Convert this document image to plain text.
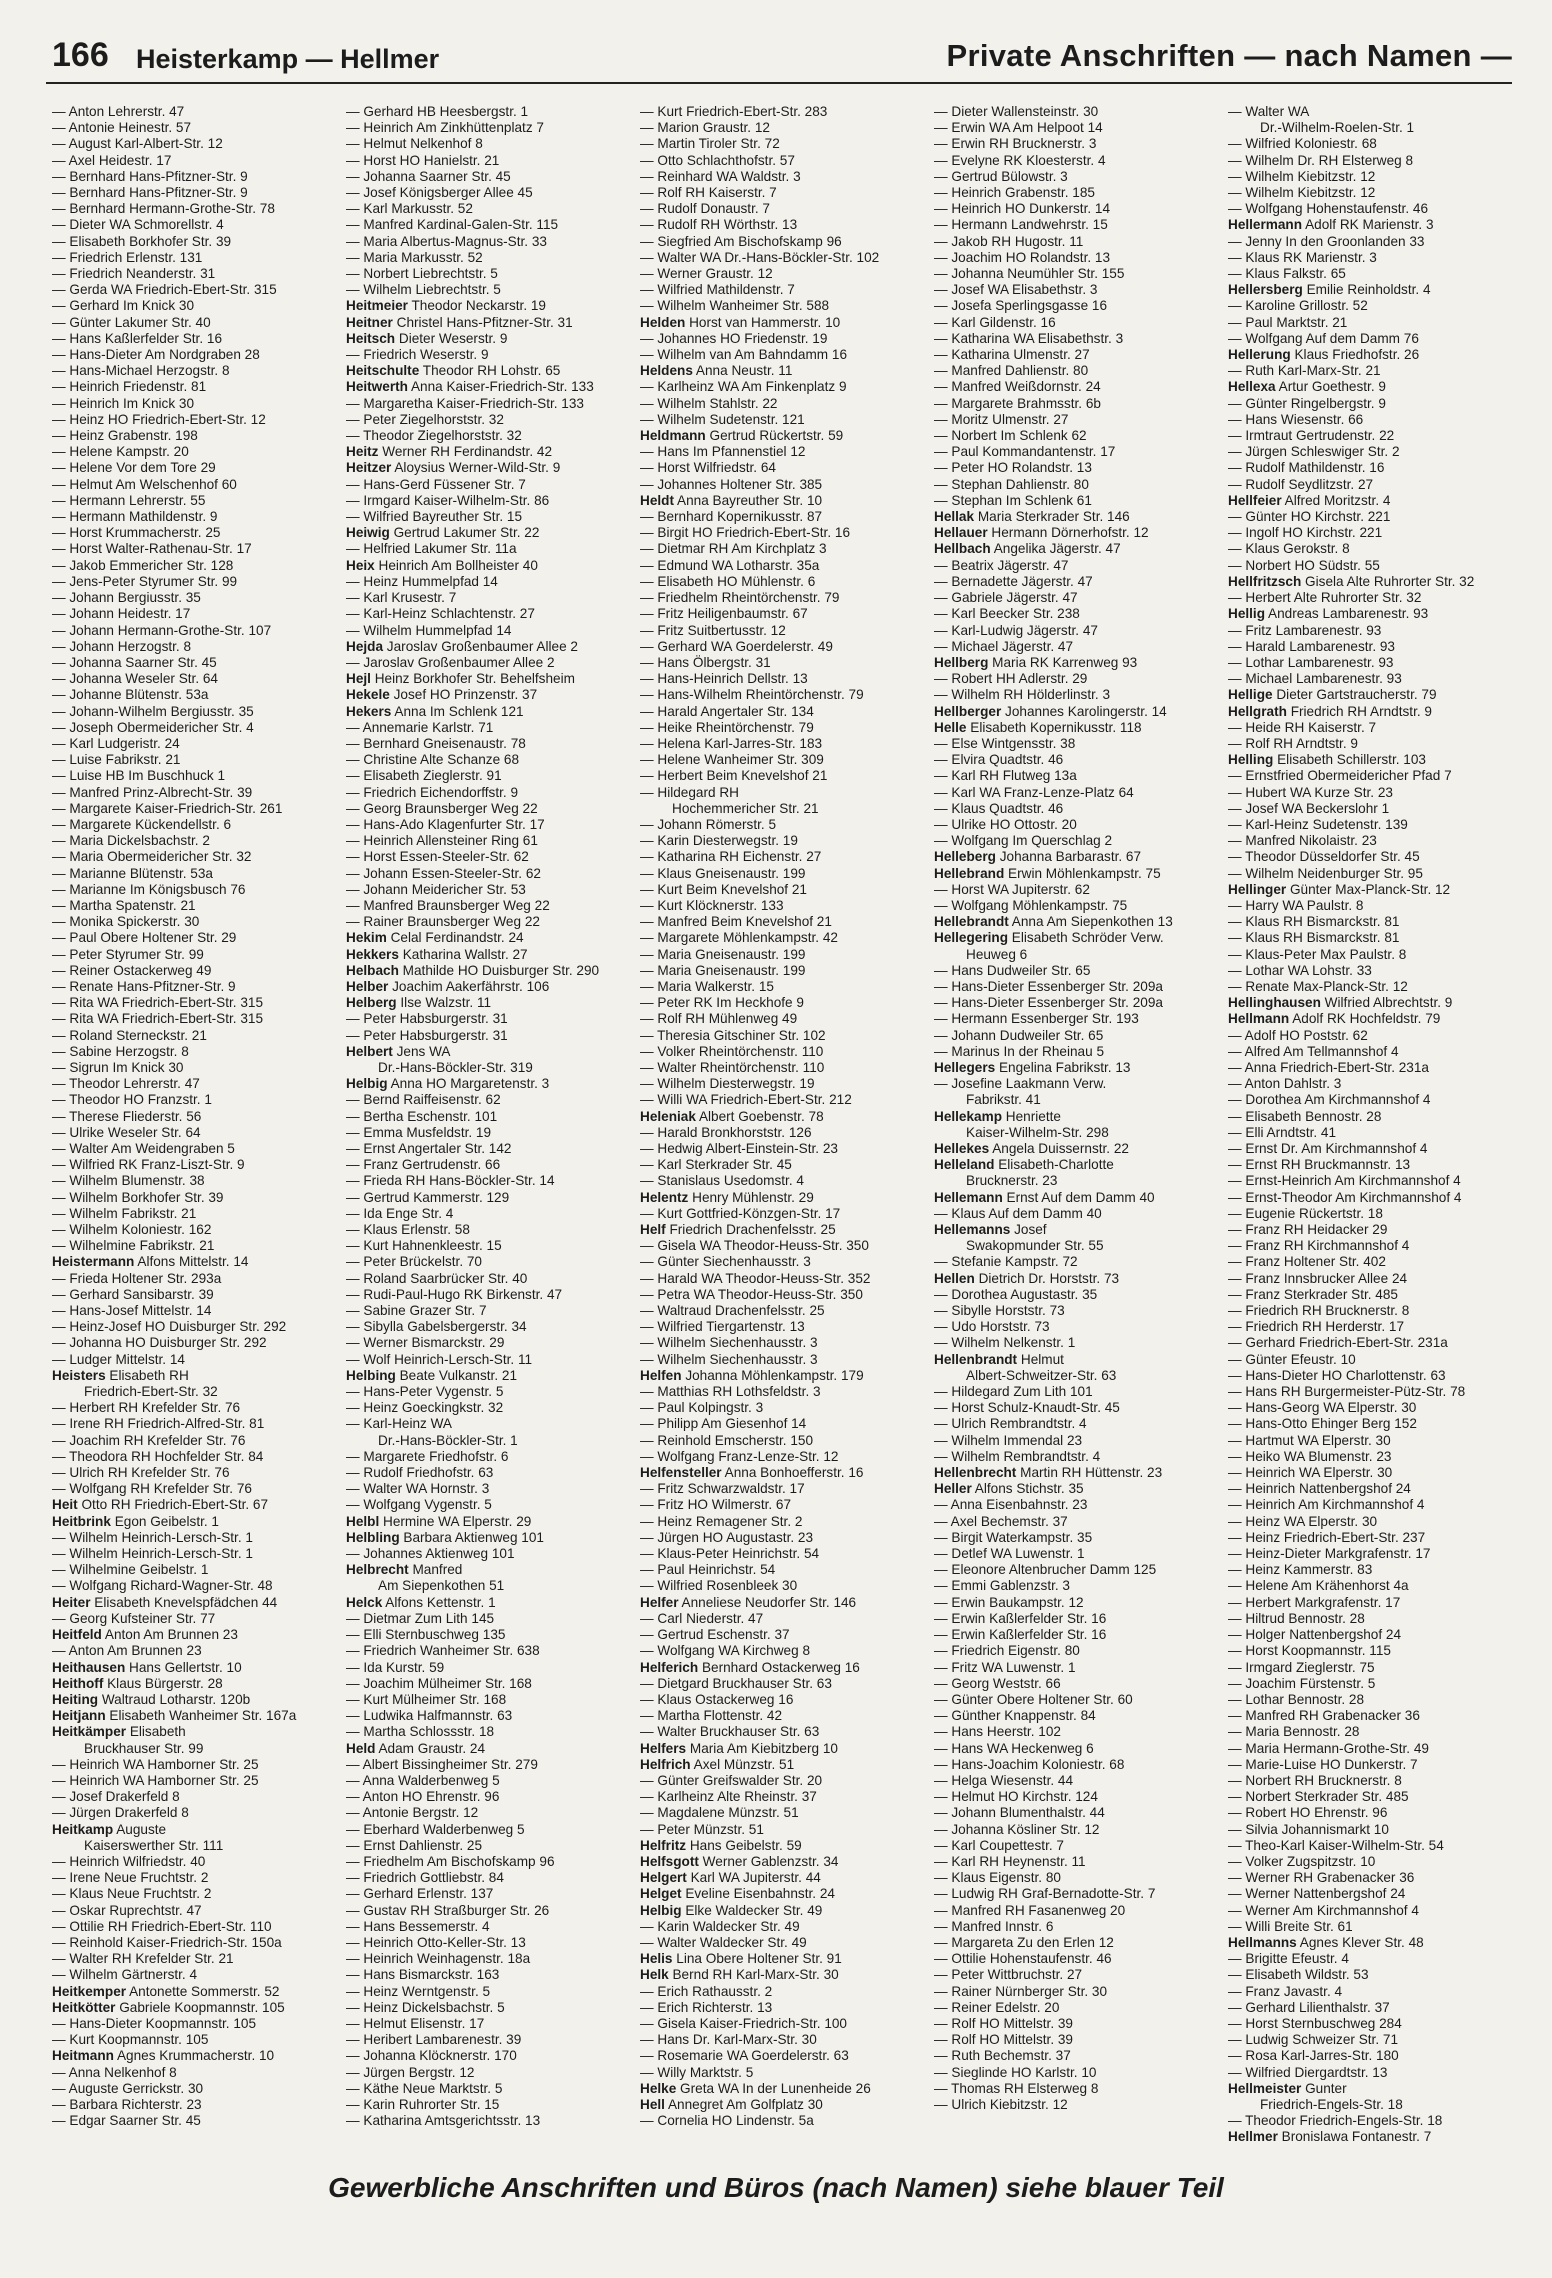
166 Heisterkamp — Hellmer	Private Anschriften — nach Namen —
— Anton Lehrerstr. 47
— Antonie Heinestr. 57
— August Karl-Albert-Str. 12
— Axel Heidestr. 17
— Bernhard Hans-Pfitzner-Str. 9
— Bernhard Hans-Pfitzner-Str. 9
— Bernhard Hermann-Grothe-Str. 78
— Dieter WA Schmorellstr. 4
— Elisabeth Borkhofer Str. 39
— Friedrich Erlenstr. 131
— Friedrich Neanderstr. 31
— Gerda WA Friedrich-Ebert-Str. 315
— Gerhard Im Knick 30
— Günter Lakumer Str. 40
— Hans Kaßlerfelder Str. 16
— Hans-Dieter Am Nordgraben 28
— Hans-Michael Herzogstr. 8
— Heinrich Friedenstr. 81
— Heinrich Im Knick 30
— Heinz HO Friedrich-Ebert-Str. 12
— Heinz Grabenstr. 198
— Helene Kampstr. 20
— Helene Vor dem Tore 29
— Helmut Am Welschenhof 60
— Hermann Lehrerstr. 55
— Hermann Mathildenstr. 9
— Horst Krummacherstr. 25
— Horst Walter-Rathenau-Str. 17
— Jakob Emmericher Str. 128
— Jens-Peter Styrumer Str. 99
— Johann Bergiusstr. 35
— Johann Heidestr. 17
— Johann Hermann-Grothe-Str. 107
— Johann Herzogstr. 8
— Johanna Saarner Str. 45
— Johanna Weseler Str. 64
— Johanne Blütenstr. 53a
— Johann-Wilhelm Bergiusstr. 35
— Joseph Obermeidericher Str. 4
— Karl Ludgeristr. 24
— Luise Fabrikstr. 21
— Luise HB Im Buschhuck 1
— Manfred Prinz-Albrecht-Str. 39
— Margarete Kaiser-Friedrich-Str. 261
— Margarete Kückendellstr. 6
— Maria Dickelsbachstr. 2
— Maria Obermeidericher Str. 32
— Marianne Blütenstr. 53a
— Marianne Im Königsbusch 76
— Martha Spatenstr. 21
— Monika Spickerstr. 30
— Paul Obere Holtener Str. 29
— Peter Styrumer Str. 99
— Reiner Ostackerweg 49
— Renate Hans-Pfitzner-Str. 9
— Rita WA Friedrich-Ebert-Str. 315
— Rita WA Friedrich-Ebert-Str. 315
— Roland Sterneckstr. 21
— Sabine Herzogstr. 8
— Sigrun Im Knick 30
— Theodor Lehrerstr. 47
— Theodor HO Franzstr. 1
— Therese Fliederstr. 56
— Ulrike Weseler Str. 64
— Walter Am Weidengraben 5
— Wilfried RK Franz-Liszt-Str. 9
— Wilhelm Blumenstr. 38
— Wilhelm Borkhofer Str. 39
— Wilhelm Fabrikstr. 21
— Wilhelm Koloniestr. 162
— Wilhelmine Fabrikstr. 21
Heistermann Alfons Mittelstr. 14
— Frieda Holtener Str. 293a
— Gerhard Sansibarstr. 39
— Hans-Josef Mittelstr. 14
— Heinz-Josef HO Duisburger Str. 292
— Johanna HO Duisburger Str. 292
— Ludger Mittelstr. 14
Heisters Elisabeth RH
Friedrich-Ebert-Str. 32
— Herbert RH Krefelder Str. 76
— Irene RH Friedrich-Alfred-Str. 81
— Joachim RH Krefelder Str. 76
— Theodora RH Hochfelder Str. 84
— Ulrich RH Krefelder Str. 76
— Wolfgang RH Krefelder Str. 76
Heit Otto RH Friedrich-Ebert-Str. 67
Heitbrink Egon Geibelstr. 1
— Wilhelm Heinrich-Lersch-Str. 1
— Wilhelm Heinrich-Lersch-Str. 1
— Wilhelmine Geibelstr. 1
— Wolfgang Richard-Wagner-Str. 48
Heiter Elisabeth Knevelspfädchen 44
— Georg Kufsteiner Str. 77
Heitfeld Anton Am Brunnen 23
— Anton Am Brunnen 23
Heithausen Hans Gellertstr. 10
Heithoff Klaus Bürgerstr. 28
Heiting Waltraud Lotharstr. 120b
Heitjann Elisabeth Wanheimer Str. 167a
Heitkämper Elisabeth
Bruckhauser Str. 99
— Heinrich WA Hamborner Str. 25
— Heinrich WA Hamborner Str. 25
— Josef Drakerfeld 8
— Jürgen Drakerfeld 8
Heitkamp Auguste
Kaiserswerther Str. 111
— Heinrich Wilfriedstr. 40
— Irene Neue Fruchtstr. 2
— Klaus Neue Fruchtstr. 2
— Oskar Ruprechtstr. 47
— Ottilie RH Friedrich-Ebert-Str. 110
— Reinhold Kaiser-Friedrich-Str. 150a
— Walter RH Krefelder Str. 21
— Wilhelm Gärtnerstr. 4
Heitkemper Antonette Sommerstr. 52
Heitkötter Gabriele Koopmannstr. 105
— Hans-Dieter Koopmannstr. 105
— Kurt Koopmannstr. 105
Heitmann Agnes Krummacherstr. 10
— Anna Nelkenhof 8
— Auguste Gerrickstr. 30
— Barbara Richterstr. 23
— Edgar Saarner Str. 45
— Gerhard HB Heesbergstr. 1
— Heinrich Am Zinkhüttenplatz 7
— Helmut Nelkenhof 8
— Horst HO Hanielstr. 21
— Johanna Saarner Str. 45
— Josef Königsberger Allee 45
— Karl Markusstr. 52
— Manfred Kardinal-Galen-Str. 115
— Maria Albertus-Magnus-Str. 33
— Maria Markusstr. 52
— Norbert Liebrechtstr. 5
— Wilhelm Liebrechtstr. 5
Heitmeier Theodor Neckarstr. 19
Heitner Christel Hans-Pfitzner-Str. 31
Heitsch Dieter Weserstr. 9
— Friedrich Weserstr. 9
Heitschulte Theodor RH Lohstr. 65
Heitwerth Anna Kaiser-Friedrich-Str. 133
— Margaretha Kaiser-Friedrich-Str. 133
— Peter Ziegelhorststr. 32
— Theodor Ziegelhorststr. 32
Heitz Werner RH Ferdinandstr. 42
Heitzer Aloysius Werner-Wild-Str. 9
— Hans-Gerd Füssener Str. 7
— Irmgard Kaiser-Wilhelm-Str. 86
— Wilfried Bayreuther Str. 15
Heiwig Gertrud Lakumer Str. 22
— Helfried Lakumer Str. 11a
Heix Heinrich Am Bollheister 40
— Heinz Hummelpfad 14
— Karl Krusestr. 7
— Karl-Heinz Schlachtenstr. 27
— Wilhelm Hummelpfad 14
Hejda Jaroslav Großenbaumer Allee 2
— Jaroslav Großenbaumer Allee 2
Hejl Heinz Borkhofer Str. Behelfsheim
Hekele Josef HO Prinzenstr. 37
Hekers Anna Im Schlenk 121
— Annemarie Karlstr. 71
— Bernhard Gneisenaustr. 78
— Christine Alte Schanze 68
— Elisabeth Zieglerstr. 91
— Friedrich Eichendorffstr. 9
— Georg Braunsberger Weg 22
— Hans-Ado Klagenfurter Str. 17
— Heinrich Allensteiner Ring 61
— Horst Essen-Steeler-Str. 62
— Johann Essen-Steeler-Str. 62
— Johann Meidericher Str. 53
— Manfred Braunsberger Weg 22
— Rainer Braunsberger Weg 22
Hekim Celal Ferdinandstr. 24
Hekkers Katharina Wallstr. 27
Helbach Mathilde HO Duisburger Str. 290
Helber Joachim Aakerfährstr. 106
Helberg Ilse Walzstr. 11
— Peter Habsburgerstr. 31
— Peter Habsburgerstr. 31
Helbert Jens WA
Dr.-Hans-Böckler-Str. 319
Helbig Anna HO Margaretenstr. 3
— Bernd Raiffeisenstr. 62
— Bertha Eschenstr. 101
— Emma Musfeldstr. 19
— Ernst Angertaler Str. 142
— Franz Gertrudenstr. 66
— Frieda RH Hans-Böckler-Str. 14
— Gertrud Kammerstr. 129
— Ida Enge Str. 4
— Klaus Erlenstr. 58
— Kurt Hahnenkleestr. 15
— Peter Brückelstr. 70
— Roland Saarbrücker Str. 40
— Rudi-Paul-Hugo RK Birkenstr. 47
— Sabine Grazer Str. 7
— Sibylla Gabelsbergerstr. 34
— Werner Bismarckstr. 29
— Wolf Heinrich-Lersch-Str. 11
Helbing Beate Vulkanstr. 21
— Hans-Peter Vygenstr. 5
— Heinz Goeckingkstr. 32
— Karl-Heinz WA
Dr.-Hans-Böckler-Str. 1
— Margarete Friedhofstr. 6
— Rudolf Friedhofstr. 63
— Walter WA Hornstr. 3
— Wolfgang Vygenstr. 5
Helbl Hermine WA Elperstr. 29
Helbling Barbara Aktienweg 101
— Johannes Aktienweg 101
Helbrecht Manfred
Am Siepenkothen 51
Helck Alfons Kettenstr. 1
— Dietmar Zum Lith 145
— Elli Sternbuschweg 135
— Friedrich Wanheimer Str. 638
— Ida Kurstr. 59
— Joachim Mülheimer Str. 168
— Kurt Mülheimer Str. 168
— Ludwika Halfmannstr. 63
— Martha Schlossstr. 18
Held Adam Graustr. 24
— Albert Bissingheimer Str. 279
— Anna Walderbenweg 5
— Anton HO Ehrenstr. 96
— Antonie Bergstr. 12
— Eberhard Walderbenweg 5
— Ernst Dahlienstr. 25
— Friedhelm Am Bischofskamp 96
— Friedrich Gottliebstr. 84
— Gerhard Erlenstr. 137
— Gustav RH Straßburger Str. 26
— Hans Bessemerstr. 4
— Heinrich Otto-Keller-Str. 13
— Heinrich Weinhagenstr. 18a
— Hans Bismarckstr. 163
— Heinz Werntgenstr. 5
— Heinz Dickelsbachstr. 5
— Helmut Elisenstr. 17
— Heribert Lambarenestr. 39
— Johanna Klöcknerstr. 170
— Jürgen Bergstr. 12
— Käthe Neue Marktstr. 5
— Karin Ruhrorter Str. 15
— Katharina Amtsgerichtsstr. 13
— Kurt Friedrich-Ebert-Str. 283
— Marion Graustr. 12
— Martin Tiroler Str. 72
— Otto Schlachthofstr. 57
— Reinhard WA Waldstr. 3
— Rolf RH Kaiserstr. 7
— Rudolf Donaustr. 7
— Rudolf RH Wörthstr. 13
— Siegfried Am Bischofskamp 96
— Walter WA Dr.-Hans-Böckler-Str. 102
— Werner Graustr. 12
— Wilfried Mathildenstr. 7
— Wilhelm Wanheimer Str. 588
Helden Horst van Hammerstr. 10
— Johannes HO Friedenstr. 19
— Wilhelm van Am Bahndamm 16
Heldens Anna Neustr. 11
— Karlheinz WA Am Finkenplatz 9
— Wilhelm Stahlstr. 22
— Wilhelm Sudetenstr. 121
Heldmann Gertrud Rückertstr. 59
— Hans Im Pfannenstiel 12
— Horst Wilfriedstr. 64
— Johannes Holtener Str. 385
Heldt Anna Bayreuther Str. 10
— Bernhard Kopernikusstr. 87
— Birgit HO Friedrich-Ebert-Str. 16
— Dietmar RH Am Kirchplatz 3
— Edmund WA Lotharstr. 35a
— Elisabeth HO Mühlenstr. 6
— Friedhelm Rheintörchenstr. 79
— Fritz Heiligenbaumstr. 67
— Fritz Suitbertusstr. 12
— Gerhard WA Goerdelerstr. 49
— Hans Ölbergstr. 31
— Hans-Heinrich Dellstr. 13
— Hans-Wilhelm Rheintörchenstr. 79
— Harald Angertaler Str. 134
— Heike Rheintörchenstr. 79
— Helena Karl-Jarres-Str. 183
— Helene Wanheimer Str. 309
— Herbert Beim Knevelshof 21
— Hildegard RH
Hochemmericher Str. 21
— Johann Römerstr. 5
— Karin Diesterwegstr. 19
— Katharina RH Eichenstr. 27
— Klaus Gneisenaustr. 199
— Kurt Beim Knevelshof 21
— Kurt Klöcknerstr. 133
— Manfred Beim Knevelshof 21
— Margarete Möhlenkampstr. 42
— Maria Gneisenaustr. 199
— Maria Gneisenaustr. 199
— Maria Walkerstr. 15
— Peter RK Im Heckhofe 9
— Rolf RH Mühlenweg 49
— Theresia Gitschiner Str. 102
— Volker Rheintörchenstr. 110
— Walter Rheintörchenstr. 110
— Wilhelm Diesterwegstr. 19
— Willi WA Friedrich-Ebert-Str. 212
Heleniak Albert Goebenstr. 78
— Harald Bronkhorststr. 126
— Hedwig Albert-Einstein-Str. 23
— Karl Sterkrader Str. 45
— Stanislaus Usedomstr. 4
Helentz Henry Mühlenstr. 29
— Kurt Gottfried-Könzgen-Str. 17
Helf Friedrich Drachenfelsstr. 25
— Gisela WA Theodor-Heuss-Str. 350
— Günter Siechenhausstr. 3
— Harald WA Theodor-Heuss-Str. 352
— Petra WA Theodor-Heuss-Str. 350
— Waltraud Drachenfelsstr. 25
— Wilfried Tiergartenstr. 13
— Wilhelm Siechenhausstr. 3
— Wilhelm Siechenhausstr. 3
Helfen Johanna Möhlenkampstr. 179
— Matthias RH Lothsfeldstr. 3
— Paul Kolpingstr. 3
— Philipp Am Giesenhof 14
— Reinhold Emscherstr. 150
— Wolfgang Franz-Lenze-Str. 12
Helfensteller Anna Bonhoefferstr. 16
— Fritz Schwarzwaldstr. 17
— Fritz HO Wilmerstr. 67
— Heinz Remagener Str. 2
— Jürgen HO Augustastr. 23
— Klaus-Peter Heinrichstr. 54
— Paul Heinrichstr. 54
— Wilfried Rosenbleek 30
Helfer Anneliese Neudorfer Str. 146
— Carl Niederstr. 47
— Gertrud Eschenstr. 37
— Wolfgang WA Kirchweg 8
Helferich Bernhard Ostackerweg 16
— Dietgard Bruckhauser Str. 63
— Klaus Ostackerweg 16
— Martha Flottenstr. 42
— Walter Bruckhauser Str. 63
Helfers Maria Am Kiebitzberg 10
Helfrich Axel Münzstr. 51
— Günter Greifswalder Str. 20
— Karlheinz Alte Rheinstr. 37
— Magdalene Münzstr. 51
— Peter Münzstr. 51
Helfritz Hans Geibelstr. 59
Helfsgott Werner Gablenzstr. 34
Helgert Karl WA Jupiterstr. 44
Helget Eveline Eisenbahnstr. 24
Helbig Elke Waldecker Str. 49
— Karin Waldecker Str. 49
— Walter Waldecker Str. 49
Helis Lina Obere Holtener Str. 91
Helk Bernd RH Karl-Marx-Str. 30
— Erich Rathausstr. 2
— Erich Richterstr. 13
— Gisela Kaiser-Friedrich-Str. 100
— Hans Dr. Karl-Marx-Str. 30
— Rosemarie WA Goerdelerstr. 63
— Willy Marktstr. 5
Helke Greta WA In der Lunenheide 26
Hell Annegret Am Golfplatz 30
— Cornelia HO Lindenstr. 5a
— Dieter Wallensteinstr. 30
— Erwin WA Am Helpoot 14
— Erwin RH Brucknerstr. 3
— Evelyne RK Kloesterstr. 4
— Gertrud Bülowstr. 3
— Heinrich Grabenstr. 185
— Heinrich HO Dunkerstr. 14
— Hermann Landwehrstr. 15
— Jakob RH Hugostr. 11
— Joachim HO Rolandstr. 13
— Johanna Neumühler Str. 155
— Josef WA Elisabethstr. 3
— Josefa Sperlingsgasse 16
— Karl Gildenstr. 16
— Katharina WA Elisabethstr. 3
— Katharina Ulmenstr. 27
— Manfred Dahlienstr. 80
— Manfred Weißdornstr. 24
— Margarete Brahmsstr. 6b
— Moritz Ulmenstr. 27
— Norbert Im Schlenk 62
— Paul Kommandantenstr. 17
— Peter HO Rolandstr. 13
— Stephan Dahlienstr. 80
— Stephan Im Schlenk 61
Hellak Maria Sterkrader Str. 146
Hellauer Hermann Dörnerhofstr. 12
Hellbach Angelika Jägerstr. 47
— Beatrix Jägerstr. 47
— Bernadette Jägerstr. 47
— Gabriele Jägerstr. 47
— Karl Beecker Str. 238
— Karl-Ludwig Jägerstr. 47
— Michael Jägerstr. 47
Hellberg Maria RK Karrenweg 93
— Robert HH Adlerstr. 29
— Wilhelm RH Hölderlinstr. 3
Hellberger Johannes Karolingerstr. 14
Helle Elisabeth Kopernikusstr. 118
— Else Wintgensstr. 38
— Elvira Quadtstr. 46
— Karl RH Flutweg 13a
— Karl WA Franz-Lenze-Platz 64
— Klaus Quadtstr. 46
— Ulrike HO Ottostr. 20
— Wolfgang Im Querschlag 2
Helleberg Johanna Barbarastr. 67
Hellebrand Erwin Möhlenkampstr. 75
— Horst WA Jupiterstr. 62
— Wolfgang Möhlenkampstr. 75
Hellebrandt Anna Am Siepenkothen 13
Hellegering Elisabeth Schröder Verw.
Heuweg 6
— Hans Dudweiler Str. 65
— Hans-Dieter Essenberger Str. 209a
— Hans-Dieter Essenberger Str. 209a
— Hermann Essenberger Str. 193
— Johann Dudweiler Str. 65
— Marinus In der Rheinau 5
Hellegers Engelina Fabrikstr. 13
— Josefine Laakmann Verw.
Fabrikstr. 41
Hellekamp Henriette
Kaiser-Wilhelm-Str. 298
Hellekes Angela Duissernstr. 22
Helleland Elisabeth-Charlotte
Brucknerstr. 23
Hellemann Ernst Auf dem Damm 40
— Klaus Auf dem Damm 40
Hellemanns Josef
Swakopmunder Str. 55
— Stefanie Kampstr. 72
Hellen Dietrich Dr. Horststr. 73
— Dorothea Augustastr. 35
— Sibylle Horststr. 73
— Udo Horststr. 73
— Wilhelm Nelkenstr. 1
Hellenbrandt Helmut
Albert-Schweitzer-Str. 63
— Hildegard Zum Lith 101
— Horst Schulz-Knaudt-Str. 45
— Ulrich Rembrandtstr. 4
— Wilhelm Immendal 23
— Wilhelm Rembrandtstr. 4
Hellenbrecht Martin RH Hüttenstr. 23
Heller Alfons Stichstr. 35
— Anna Eisenbahnstr. 23
— Axel Bechemstr. 37
— Birgit Waterkampstr. 35
— Detlef WA Luwenstr. 1
— Eleonore Altenbrucher Damm 125
— Emmi Gablenzstr. 3
— Erwin Baukampstr. 12
— Erwin Kaßlerfelder Str. 16
— Erwin Kaßlerfelder Str. 16
— Friedrich Eigenstr. 80
— Fritz WA Luwenstr. 1
— Georg Weststr. 66
— Günter Obere Holtener Str. 60
— Günther Knappenstr. 84
— Hans Heerstr. 102
— Hans WA Heckenweg 6
— Hans-Joachim Koloniestr. 68
— Helga Wiesenstr. 44
— Helmut HO Kirchstr. 124
— Johann Blumenthalstr. 44
— Johanna Kösliner Str. 12
— Karl Coupettestr. 7
— Karl RH Heynenstr. 11
— Klaus Eigenstr. 80
— Ludwig RH Graf-Bernadotte-Str. 7
— Manfred RH Fasanenweg 20
— Manfred Innstr. 6
— Margareta Zu den Erlen 12
— Ottilie Hohenstaufenstr. 46
— Peter Wittbruchstr. 27
— Rainer Nürnberger Str. 30
— Reiner Edelstr. 20
— Rolf HO Mittelstr. 39
— Rolf HO Mittelstr. 39
— Ruth Bechemstr. 37
— Sieglinde HO Karlstr. 10
— Thomas RH Elsterweg 8
— Ulrich Kiebitzstr. 12
— Walter WA
Dr.-Wilhelm-Roelen-Str. 1
— Wilfried Koloniestr. 68
— Wilhelm Dr. RH Elsterweg 8
— Wilhelm Kiebitzstr. 12
— Wilhelm Kiebitzstr. 12
— Wolfgang Hohenstaufenstr. 46
Hellermann Adolf RK Marienstr. 3
— Jenny In den Groonlanden 33
— Klaus RK Marienstr. 3
— Klaus Falkstr. 65
Hellersberg Emilie Reinholdstr. 4
— Karoline Grillostr. 52
— Paul Marktstr. 21
— Wolfgang Auf dem Damm 76
Hellerung Klaus Friedhofstr. 26
— Ruth Karl-Marx-Str. 21
Hellexa Artur Goethestr. 9
— Günter Ringelbergstr. 9
— Hans Wiesenstr. 66
— Irmtraut Gertrudenstr. 22
— Jürgen Schleswiger Str. 2
— Rudolf Mathildenstr. 16
— Rudolf Seydlitzstr. 27
Hellfeier Alfred Moritzstr. 4
— Günter HO Kirchstr. 221
— Ingolf HO Kirchstr. 221
— Klaus Gerokstr. 8
— Norbert HO Südstr. 55
Hellfritzsch Gisela Alte Ruhrorter Str. 32
— Herbert Alte Ruhrorter Str. 32
Hellig Andreas Lambarenestr. 93
— Fritz Lambarenestr. 93
— Harald Lambarenestr. 93
— Lothar Lambarenestr. 93
— Michael Lambarenestr. 93
Hellige Dieter Gartstraucherstr. 79
Hellgrath Friedrich RH Arndtstr. 9
— Heide RH Kaiserstr. 7
— Rolf RH Arndtstr. 9
Helling Elisabeth Schillerstr. 103
— Ernstfried Obermeidericher Pfad 7
— Hubert WA Kurze Str. 23
— Josef WA Beckerslohr 1
— Karl-Heinz Sudetenstr. 139
— Manfred Nikolaistr. 23
— Theodor Düsseldorfer Str. 45
— Wilhelm Neidenburger Str. 95
Hellinger Günter Max-Planck-Str. 12
— Harry WA Paulstr. 8
— Klaus RH Bismarckstr. 81
— Klaus RH Bismarckstr. 81
— Klaus-Peter Max Paulstr. 8
— Lothar WA Lohstr. 33
— Renate Max-Planck-Str. 12
Hellinghausen Wilfried Albrechtstr. 9
Hellmann Adolf RK Hochfeldstr. 79
— Adolf HO Poststr. 62
— Alfred Am Tellmannshof 4
— Anna Friedrich-Ebert-Str. 231a
— Anton Dahlstr. 3
— Dorothea Am Kirchmannshof 4
— Elisabeth Bennostr. 28
— Elli Arndtstr. 41
— Ernst Dr. Am Kirchmannshof 4
— Ernst RH Bruckmannstr. 13
— Ernst-Heinrich Am Kirchmannshof 4
— Ernst-Theodor Am Kirchmannshof 4
— Eugenie Rückertstr. 18
— Franz RH Heidacker 29
— Franz RH Kirchmannshof 4
— Franz Holtener Str. 402
— Franz Innsbrucker Allee 24
— Franz Sterkrader Str. 485
— Friedrich RH Brucknerstr. 8
— Friedrich RH Herderstr. 17
— Gerhard Friedrich-Ebert-Str. 231a
— Günter Efeustr. 10
— Hans-Dieter HO Charlottenstr. 63
— Hans RH Burgermeister-Pütz-Str. 78
— Hans-Georg WA Elperstr. 30
— Hans-Otto Ehinger Berg 152
— Hartmut WA Elperstr. 30
— Heiko WA Blumenstr. 23
— Heinrich WA Elperstr. 30
— Heinrich Nattenbergshof 24
— Heinrich Am Kirchmannshof 4
— Heinz WA Elperstr. 30
— Heinz Friedrich-Ebert-Str. 237
— Heinz-Dieter Markgrafenstr. 17
— Heinz Kammerstr. 83
— Helene Am Krähenhorst 4a
— Herbert Markgrafenstr. 17
— Hiltrud Bennostr. 28
— Holger Nattenbergshof 24
— Horst Koopmannstr. 115
— Irmgard Zieglerstr. 75
— Joachim Fürstenstr. 5
— Lothar Bennostr. 28
— Manfred RH Grabenacker 36
— Maria Bennostr. 28
— Maria Hermann-Grothe-Str. 49
— Marie-Luise HO Dunkerstr. 7
— Norbert RH Brucknerstr. 8
— Norbert Sterkrader Str. 485
— Robert HO Ehrenstr. 96
— Silvia Johannismarkt 10
— Theo-Karl Kaiser-Wilhelm-Str. 54
— Volker Zugspitzstr. 10
— Werner RH Grabenacker 36
— Werner Nattenbergshof 24
— Werner Am Kirchmannshof 4
— Willi Breite Str. 61
Hellmanns Agnes Klever Str. 48
— Brigitte Efeustr. 4
— Elisabeth Wildstr. 53
— Franz Javastr. 4
— Gerhard Lilienthalstr. 37
— Horst Sternbuschweg 284
— Ludwig Schweizer Str. 71
— Rosa Karl-Jarres-Str. 180
— Wilfried Diergardtstr. 13
Hellmeister Gunter
Friedrich-Engels-Str. 18
— Theodor Friedrich-Engels-Str. 18
Hellmer Bronislawa Fontanestr. 7
Gewerbliche Anschriften und Büros (nach Namen) siehe blauer Teil
